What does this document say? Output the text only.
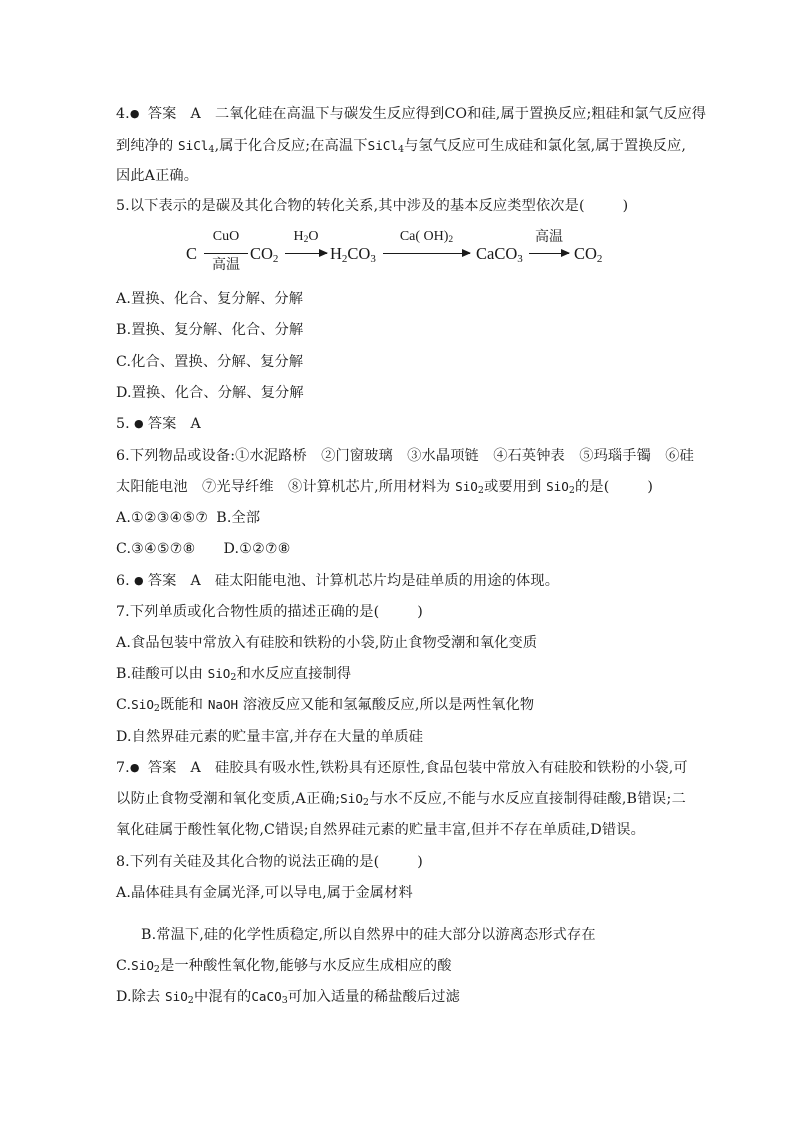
4.● 答案 A 二氧化硅在高温下与碳发生反应得到CO和硅,属于置换反应;粗硅和氯气反应得
到纯净的 SiCl$_4$,属于化合反应;在高温下SiCl$_4$与氢气反应可生成硅和氯化氢,属于置换反应,
因此A正确。
5.以下表示的是碳及其化合物的转化关系,其中涉及的基本反应类型依次是(	)
C
CuO
高温
$CO_2$
$H_2O$
$H_2CO_3$
Ca( $OH)_2$
CaCO$_3$
高温
$CO_2$
A.置换、化合、复分解、分解
B.置换、复分解、化合、分解
C.化合、置换、分解、复分解
D.置换、化合、分解、复分解
5. ● 答案 A
6.下列物品或设备:①水泥路桥　②门窗玻璃　③水晶项链　④石英钟表　⑤玛瑙手镯　⑥硅
太阳能电池　⑦光导纤维　⑧计算机芯片,所用材料为 SiO$_2$或要用到 SiO$_2$的是(	)
A.①②③④⑤⑦ B.全部
C.③④⑤⑦⑧ D.①②⑦⑧
6. ● 答案 A 硅太阳能电池、计算机芯片均是硅单质的用途的体现。
7.下列单质或化合物性质的描述正确的是(	)
A.食品包装中常放入有硅胶和铁粉的小袋,防止食物受潮和氧化变质
B.硅酸可以由 SiO$_2$和水反应直接制得
C.SiO$_2$既能和 NaOH 溶液反应又能和氢氟酸反应,所以是两性氧化物
D.自然界硅元素的贮量丰富,并存在大量的单质硅
7.● 答案 A 硅胶具有吸水性,铁粉具有还原性,食品包装中常放入有硅胶和铁粉的小袋,可
以防止食物受潮和氧化变质,A正确;SiO$_2$与水不反应,不能与水反应直接制得硅酸,B错误;二
氧化硅属于酸性氧化物,C错误;自然界硅元素的贮量丰富,但并不存在单质硅,D错误。
8.下列有关硅及其化合物的说法正确的是(	)
A.晶体硅具有金属光泽,可以导电,属于金属材料
B.常温下,硅的化学性质稳定,所以自然界中的硅大部分以游离态形式存在
C.SiO$_2$是一种酸性氧化物,能够与水反应生成相应的酸
D.除去 SiO$_2$中混有的CaCO$_3$可加入适量的稀盐酸后过滤
